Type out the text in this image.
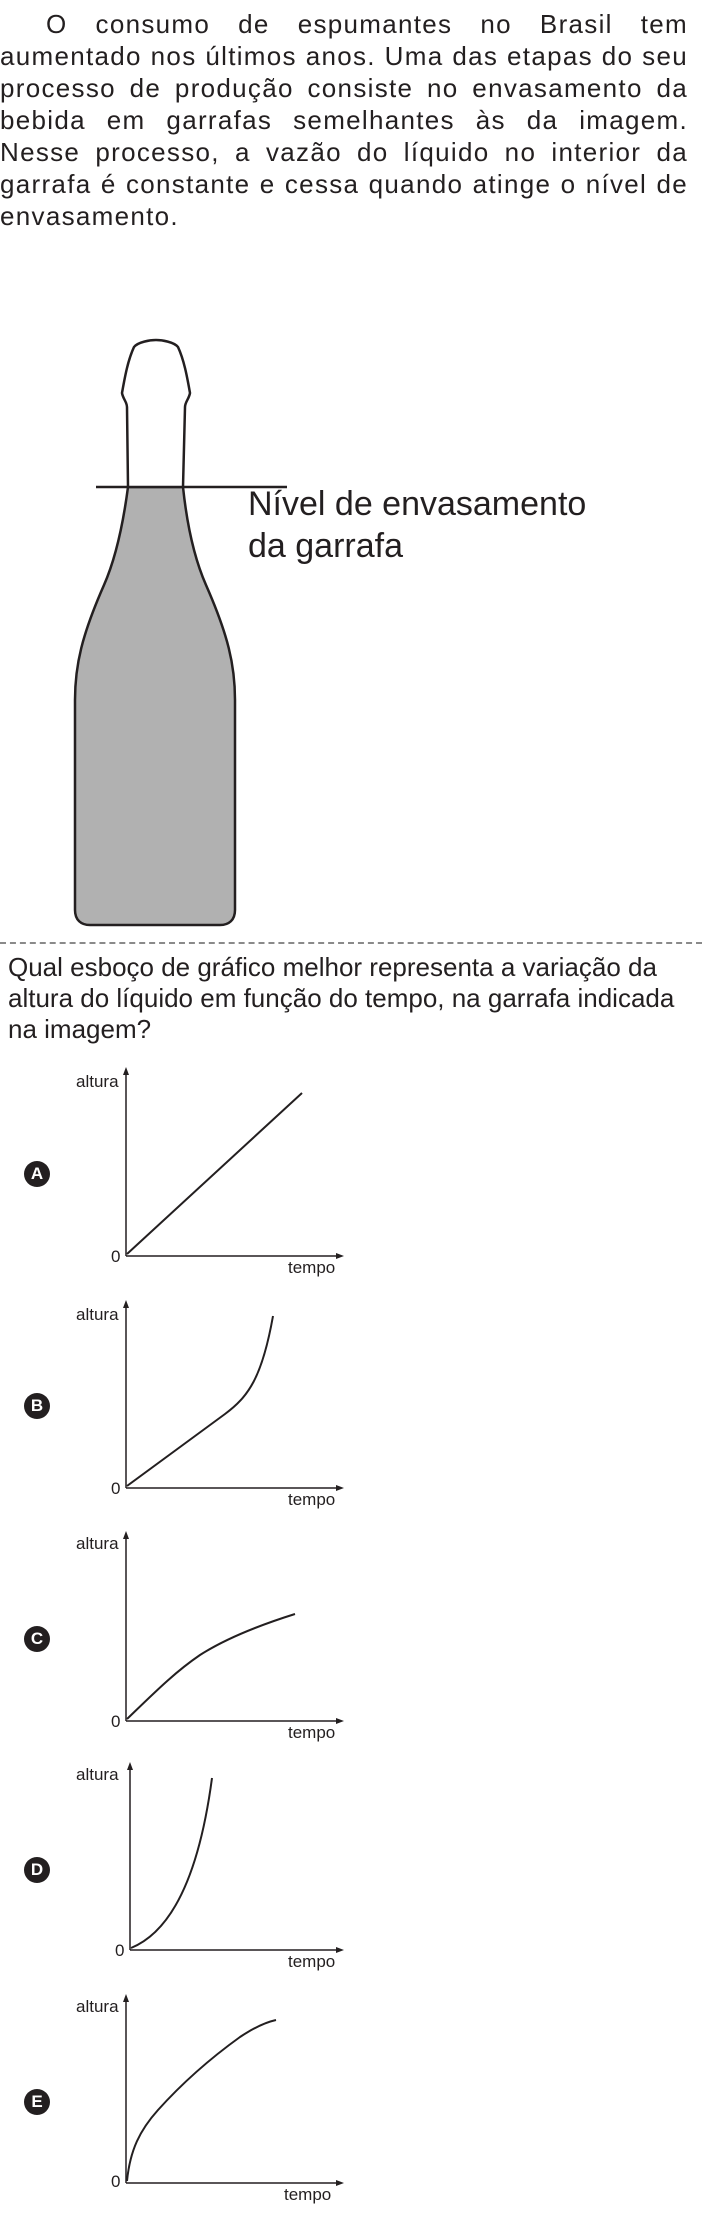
O consumo de espumantes no Brasil tem aumentado nos últimos anos. Uma das etapas do seu processo de produção consiste no envasamento da bebida em garrafas semelhantes às da imagem. Nesse processo, a vazão do líquido no interior da garrafa é constante e cessa quando atinge o nível de envasamento.

Nível de envasamento
da garrafa

Qual esboço de gráfico melhor representa a variação da altura do líquido em função do tempo, na garrafa indicada na imagem?

A
altura
0
tempo
B
altura
0
tempo
C
altura
0
tempo
D
altura
0
tempo
E
altura
0
tempo
